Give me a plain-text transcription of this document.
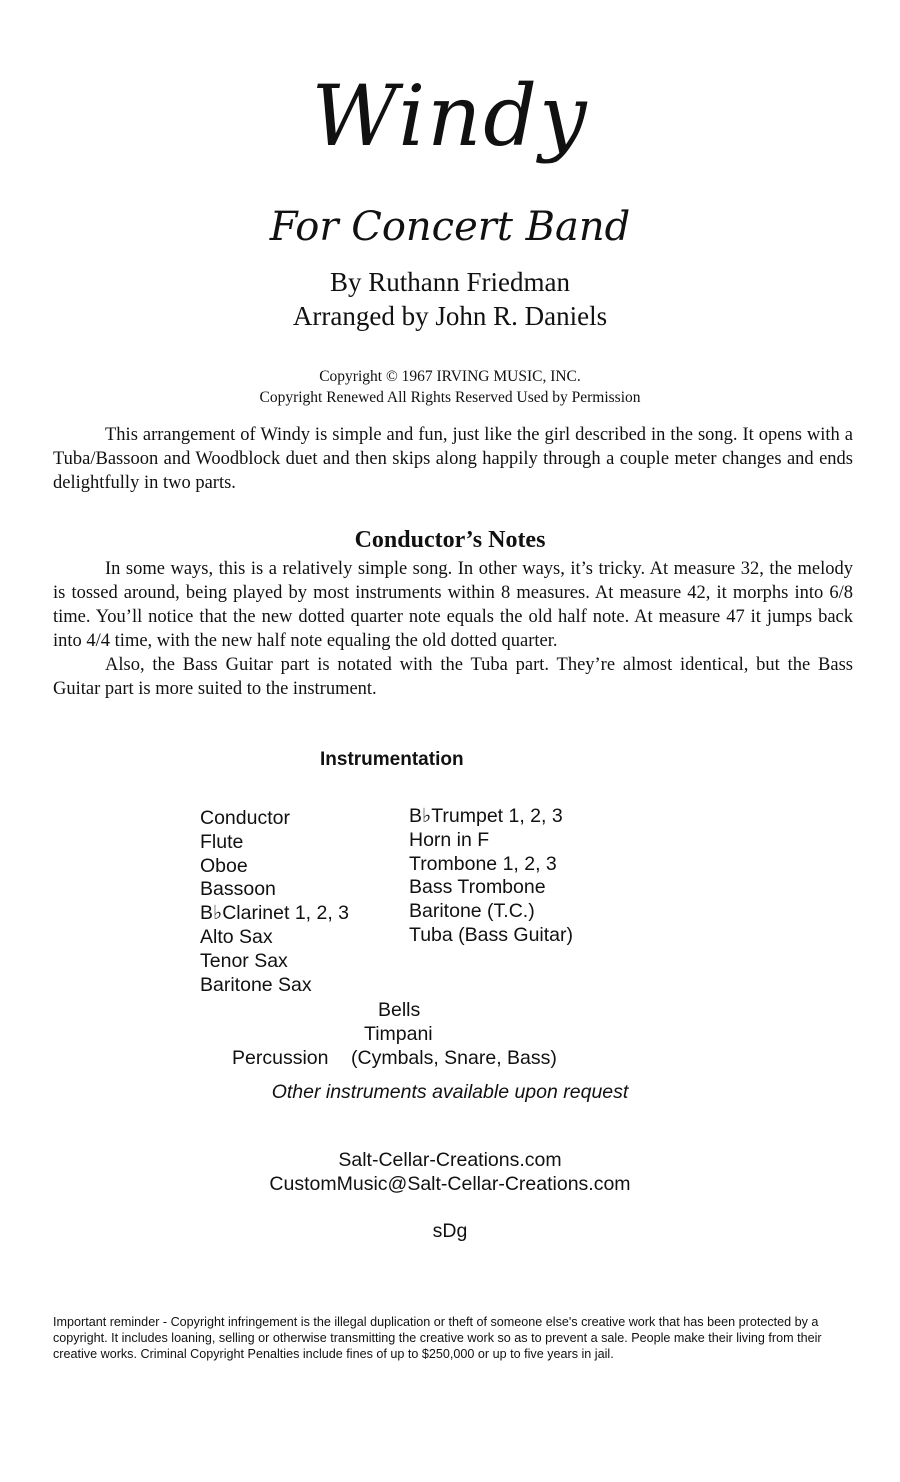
Windy
For Concert Band
By Ruthann Friedman
Arranged by John R. Daniels
Copyright © 1967 IRVING MUSIC, INC.
Copyright Renewed All Rights Reserved Used by Permission

This arrangement of Windy is simple and fun, just like the girl described in the song. It opens with a Tuba/Bassoon and Woodblock duet and then skips along happily through a couple meter changes and ends delightfully in two parts.

Conductor’s Notes

In some ways, this is a relatively simple song. In other ways, it’s tricky. At measure 32, the melody is tossed around, being played by most instruments within 8 measures. At measure 42, it morphs into 6/8 time. You’ll notice that the new dotted quarter note equals the old half note. At measure 47 it jumps back into 4/4 time, with the new half note equaling the old dotted quarter.

Also, the Bass Guitar part is notated with the Tuba part. They’re almost identical, but the Bass Guitar part is more suited to the instrument.

Instrumentation
Conductor
Flute
Oboe
Bassoon
B♭Clarinet 1, 2, 3
Alto Sax
Tenor Sax
Baritone Sax
B♭Trumpet 1, 2, 3
Horn in F
Trombone 1, 2, 3
Bass Trombone
Baritone (T.C.)
Tuba (Bass Guitar)
Bells
Timpani
Percussion (Cymbals, Snare, Bass)
Other instruments available upon request
Salt-Cellar-Creations.com
CustomMusic@Salt-Cellar-Creations.com
sDg
Important reminder - Copyright infringement is the illegal duplication or theft of someone else's creative work that has been protected by a copyright. It includes loaning, selling or otherwise transmitting the creative work so as to prevent a sale. People make their living from their creative works. Criminal Copyright Penalties include fines of up to $250,000 or up to five years in jail.
